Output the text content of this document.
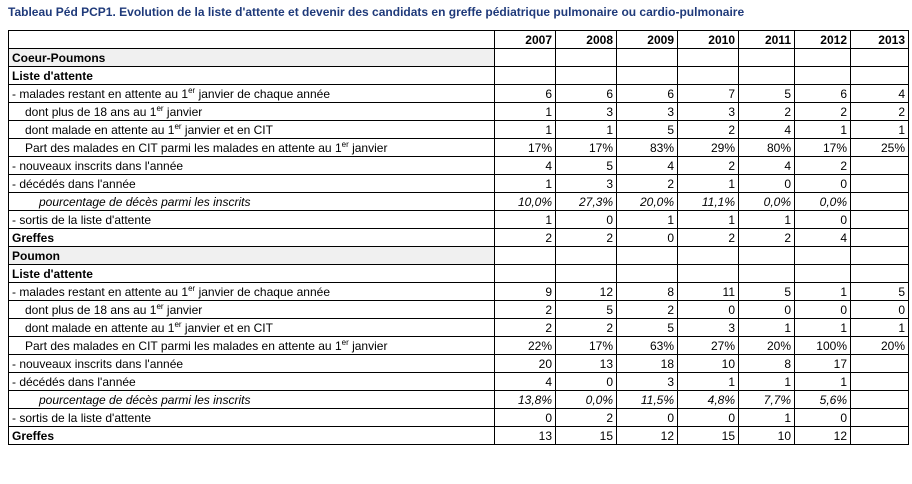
Tableau Péd PCP1. Evolution de la liste d'attente et devenir des candidats en greffe pédiatrique pulmonaire ou cardio-pulmonaire
	2007	2008	2009	2010	2011	2012	2013
Coeur-Poumons							
Liste d'attente							
- malades restant en attente au 1er janvier de chaque année	6	6	6	7	5	6	4
dont plus de 18 ans au 1er janvier	1	3	3	3	2	2	2
dont malade en attente au 1er janvier et en CIT	1	1	5	2	4	1	1
Part des malades en CIT parmi les malades en attente au 1er janvier	17%	17%	83%	29%	80%	17%	25%
- nouveaux inscrits dans l'année	4	5	4	2	4	2	
- décédés dans l'année	1	3	2	1	0	0	
pourcentage de décès parmi les inscrits	10,0%	27,3%	20,0%	11,1%	0,0%	0,0%	
- sortis de la liste d'attente	1	0	1	1	1	0	
Greffes	2	2	0	2	2	4	
Poumon							
Liste d'attente							
- malades restant en attente au 1er janvier de chaque année	9	12	8	11	5	1	5
dont plus de 18 ans au 1er janvier	2	5	2	0	0	0	0
dont malade en attente au 1er janvier et en CIT	2	2	5	3	1	1	1
Part des malades en CIT parmi les malades en attente au 1er janvier	22%	17%	63%	27%	20%	100%	20%
- nouveaux inscrits dans l'année	20	13	18	10	8	17	
- décédés dans l'année	4	0	3	1	1	1	
pourcentage de décès parmi les inscrits	13,8%	0,0%	11,5%	4,8%	7,7%	5,6%	
- sortis de la liste d'attente	0	2	0	0	1	0	
Greffes	13	15	12	15	10	12	
